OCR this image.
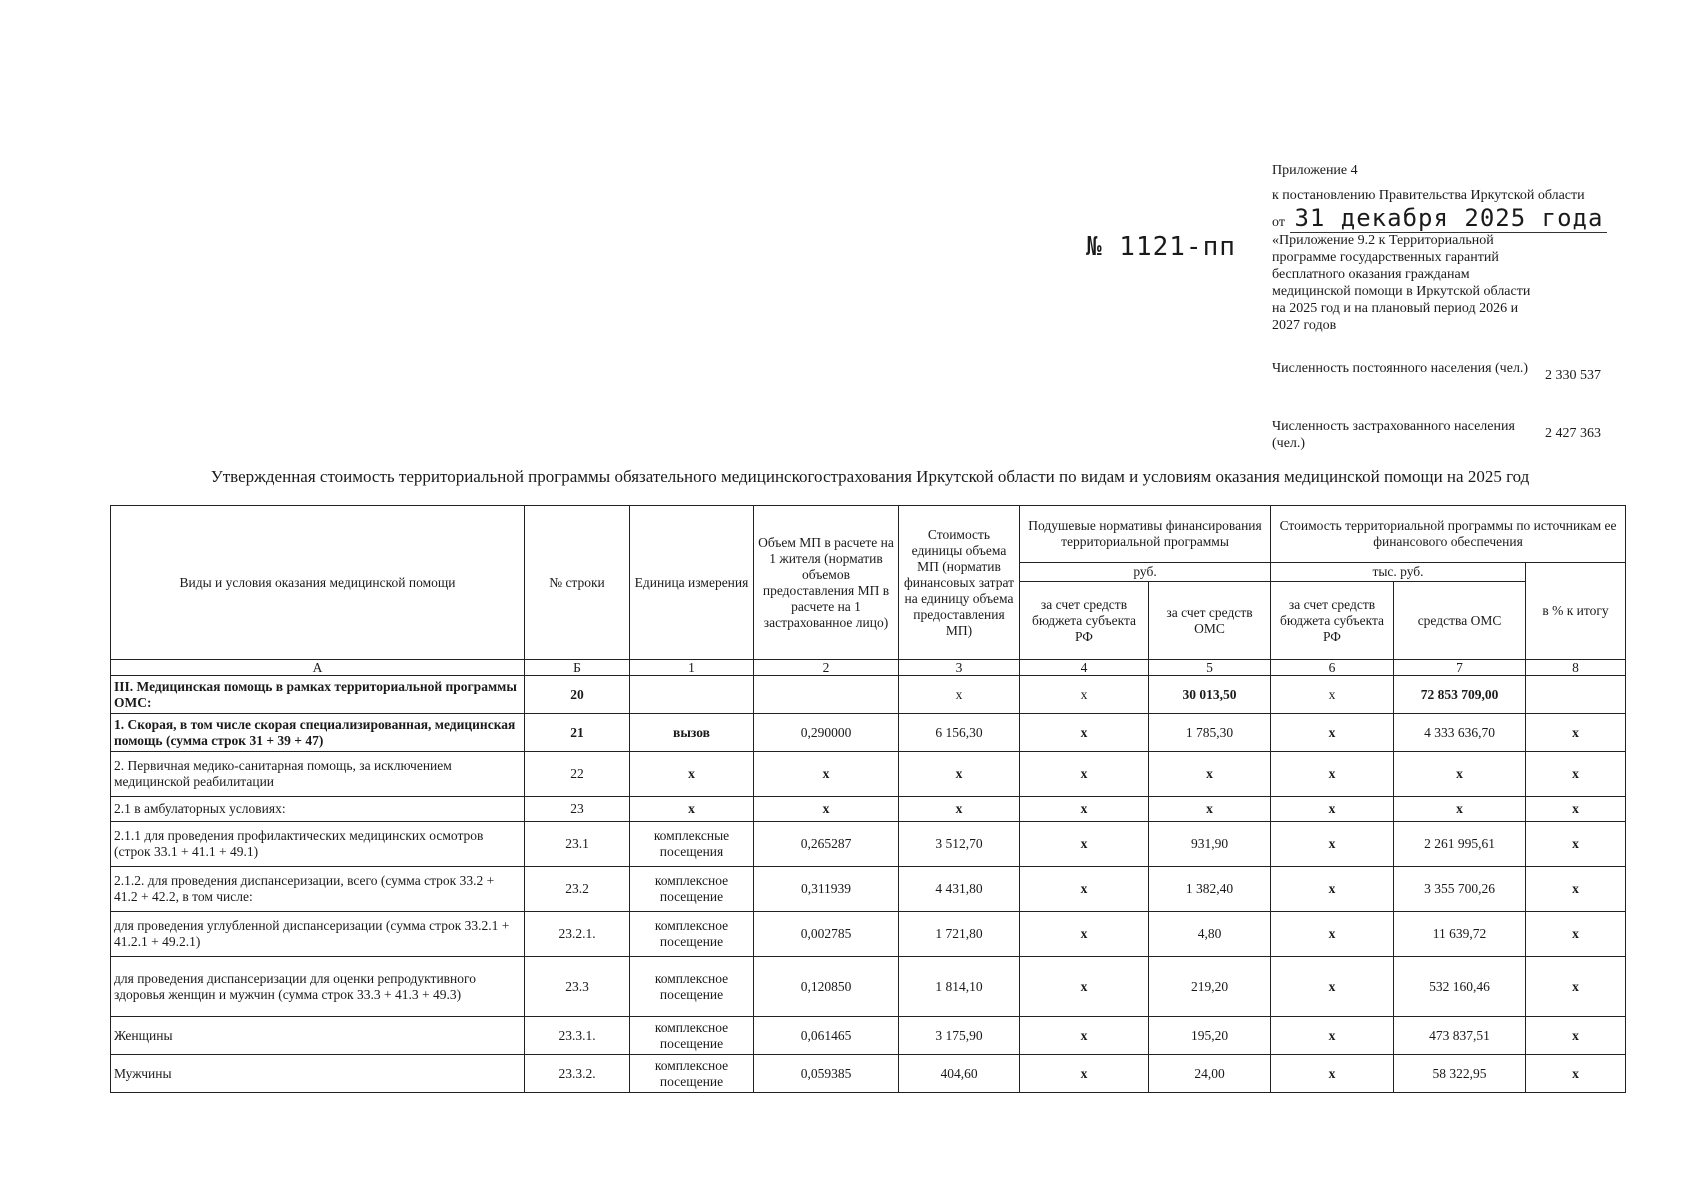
Приложение 4
к постановлению Правительства Иркутской области
от 31 декабря 2025 года
№ 1121-пп	«Приложение 9.2 к Территориальной программе государственных гарантий бесплатного оказания гражданам медицинской помощи в Иркутской области на 2025 год и на плановый период 2026 и 2027 годов
Численность постоянного населения (чел.) 2 330 537
Численность застрахованного населения (чел.)
2 427 363
Утвержденная стоимость территориальной программы обязательного медицинскогострахования Иркутской области по видам и условиям оказания медицинской помощи на 2025 год
Виды и условия оказания медицинской помощи	№ строки	Единица измерения	Объем МП в расчете на 1 жителя (норматив объемов предоставления МП в расчете на 1 застрахованное лицо)	Стоимость единицы объема МП (норматив финансовых затрат на единицу объема предоставления МП)	Подушевые нормативы финансирования территориальной программы		Стоимость территориальной программы по источникам ее финансового обеспечения		
					руб.		тыс. руб.		в % к итогу
					за счет средств бюджета субъекта РФ	за счет средств ОМС	за счет средств бюджета субъекта РФ	средства ОМС	
А	Б	1	2	3	4	5	6	7	8
III. Медицинская помощь в рамках территориальной программы ОМС:	20			х	х	30 013,50	х	72 853 709,00	
1. Скорая, в том числе скорая специализированная, медицинская помощь (сумма строк 31 + 39 + 47)	21	вызов	0,290000	6 156,30	х	1 785,30	х	4 333 636,70	х
2. Первичная медико-санитарная помощь, за исключением медицинской реабилитации	22	х	х	х	х	х	х	х	х
2.1 в амбулаторных условиях:	23	х	х	х	х	х	х	х	х
2.1.1 для проведения профилактических медицинских осмотров (строк 33.1 + 41.1 + 49.1)	23.1	комплексные посещения	0,265287	3 512,70	х	931,90	х	2 261 995,61	х
2.1.2. для проведения диспансеризации, всего (сумма строк 33.2 + 41.2 + 42.2, в том числе:	23.2	комплексное посещение	0,311939	4 431,80	х	1 382,40	х	3 355 700,26	х
для проведения углубленной диспансеризации (сумма строк 33.2.1 + 41.2.1 + 49.2.1)	23.2.1.	комплексное посещение	0,002785	1 721,80	х	4,80	х	11 639,72	х
для проведения диспансеризации для оценки репродуктивного здоровья женщин и мужчин (сумма строк 33.3 + 41.3 + 49.3)	23.3	комплексное посещение	0,120850	1 814,10	х	219,20	х	532 160,46	х
Женщины	23.3.1.	комплексное посещение	0,061465	3 175,90	х	195,20	х	473 837,51	х
Мужчины	23.3.2.	комплексное посещение	0,059385	404,60	х	24,00	х	58 322,95	х
